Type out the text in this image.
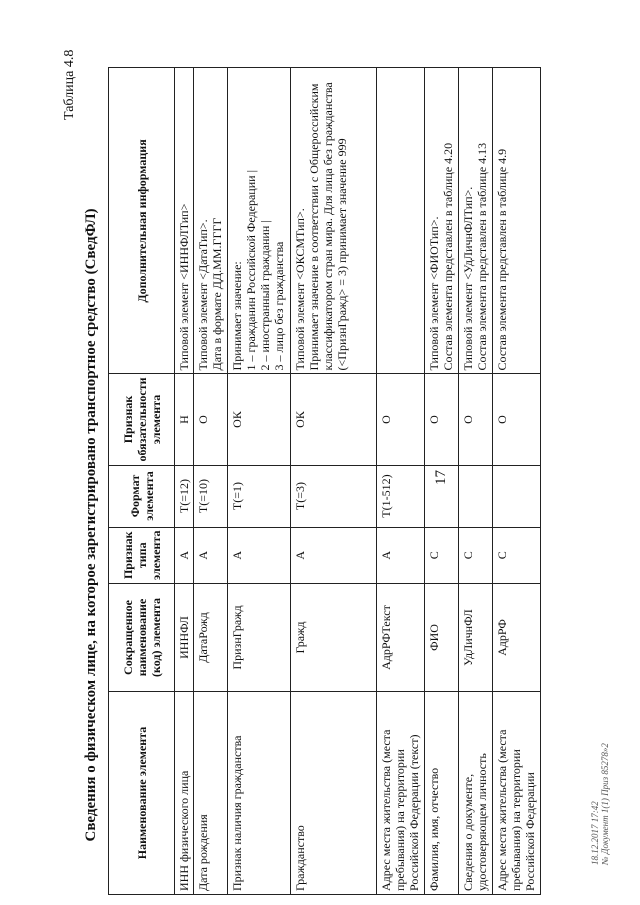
17
Таблица 4.8
Сведения о физическом лице, на которое зарегистрировано транспортное средство (СведФЛ)	Наименование элемента	Сокращенное наименование (код) элемента	Признак типа элемента	Формат элемента	Признак обязательности элемента	Дополнительная информация
ИНН физического лица	ИННФЛ	А	T(=12)	Н	Типовой элемент <ИННФЛТип>

Дата рождения	ДатаРожд	А	T(=10)	О	Типовой элемент <ДатаТип>. Дата в формате ДД.ММ.ГГГГ

Признак наличия гражданства	ПризнГражд	А	T(=1)	ОК	Принимает значение: 1 – гражданин Российской Федерации | 2 – иностранный гражданин | 3 – лицо без гражданства

Гражданство	Гражд	А	T(=3)	ОК	Типовой элемент <ОКСМТип>. Принимает значение в соответствии с Общероссийским классификатором стран мира. Для лица без гражданства (<ПризнГражд> = 3) принимает значение 999

Адрес места жительства (места пребывания) на территории Российской Федерации (текст)	АдрРФТекст	А	T(1-512)	О	

Фамилия, имя, отчество	ФИО	С		О	Типовой элемент <ФИОТип>. Состав элемента представлен в таблице 4.20

Сведения о документе, удостоверяющем личность	УдЛичнФЛ	С		О	Типовой элемент <УдЛичнФЛТип>. Состав элемента представлен в таблице 4.13

Адрес места жительства (места пребывания) на территории Российской Федерации	АдрРФ	С		О	Состав элемента представлен в таблице 4.9
18.12.2017 17:42 № Документ 1(1) Приз 85278»2
